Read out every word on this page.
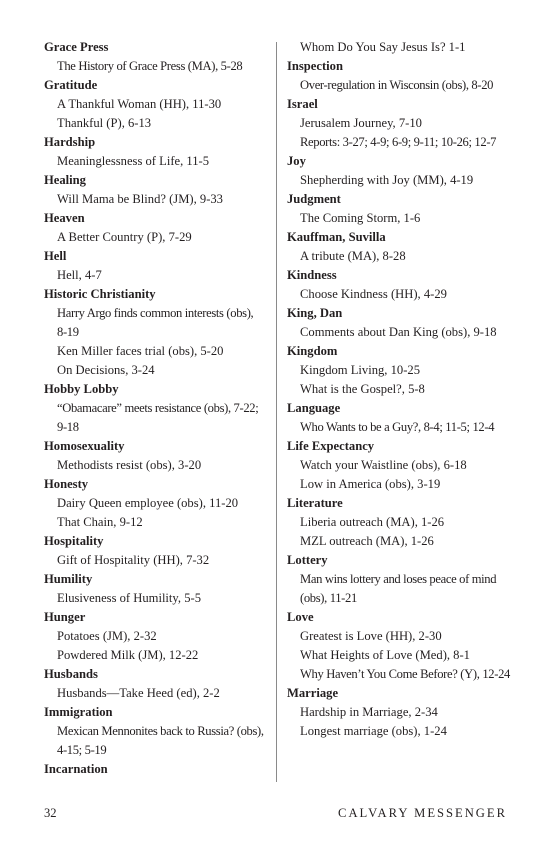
Grace Press
The History of Grace Press (MA), 5-28
Gratitude
A Thankful Woman (HH), 11-30
Thankful (P), 6-13
Hardship
Meaninglessness of Life, 11-5
Healing
Will Mama be Blind? (JM), 9-33
Heaven
A Better Country (P), 7-29
Hell
Hell, 4-7
Historic Christianity
Harry Argo finds common interests (obs), 8-19
Ken Miller faces trial (obs), 5-20
On Decisions, 3-24
Hobby Lobby
“Obamacare” meets resistance (obs), 7-22; 9-18
Homosexuality
Methodists resist (obs), 3-20
Honesty
Dairy Queen employee (obs), 11-20
That Chain, 9-12
Hospitality
Gift of Hospitality (HH), 7-32
Humility
Elusiveness of Humility, 5-5
Hunger
Potatoes (JM), 2-32
Powdered Milk (JM), 12-22
Husbands
Husbands—Take Heed (ed), 2-2
Immigration
Mexican Mennonites back to Russia? (obs), 4-15; 5-19
Incarnation
Whom Do You Say Jesus Is? 1-1
Inspection
Over-regulation in Wisconsin (obs), 8-20
Israel
Jerusalem Journey, 7-10
Reports: 3-27; 4-9; 6-9; 9-11; 10-26; 12-7
Joy
Shepherding with Joy (MM), 4-19
Judgment
The Coming Storm, 1-6
Kauffman, Suvilla
A tribute (MA), 8-28
Kindness
Choose Kindness (HH), 4-29
King, Dan
Comments about Dan King (obs), 9-18
Kingdom
Kingdom Living, 10-25
What is the Gospel?, 5-8
Language
Who Wants to be a Guy?, 8-4; 11-5; 12-4
Life Expectancy
Watch your Waistline (obs), 6-18
Low in America (obs), 3-19
Literature
Liberia outreach (MA), 1-26
MZL outreach (MA), 1-26
Lottery
Man wins lottery and loses peace of mind (obs), 11-21
Love
Greatest is Love (HH), 2-30
What Heights of Love (Med), 8-1
Why Haven’t You Come Before? (Y), 12-24
Marriage
Hardship in Marriage, 2-34
Longest marriage (obs), 1-24
32	CALVARY MESSENGER
